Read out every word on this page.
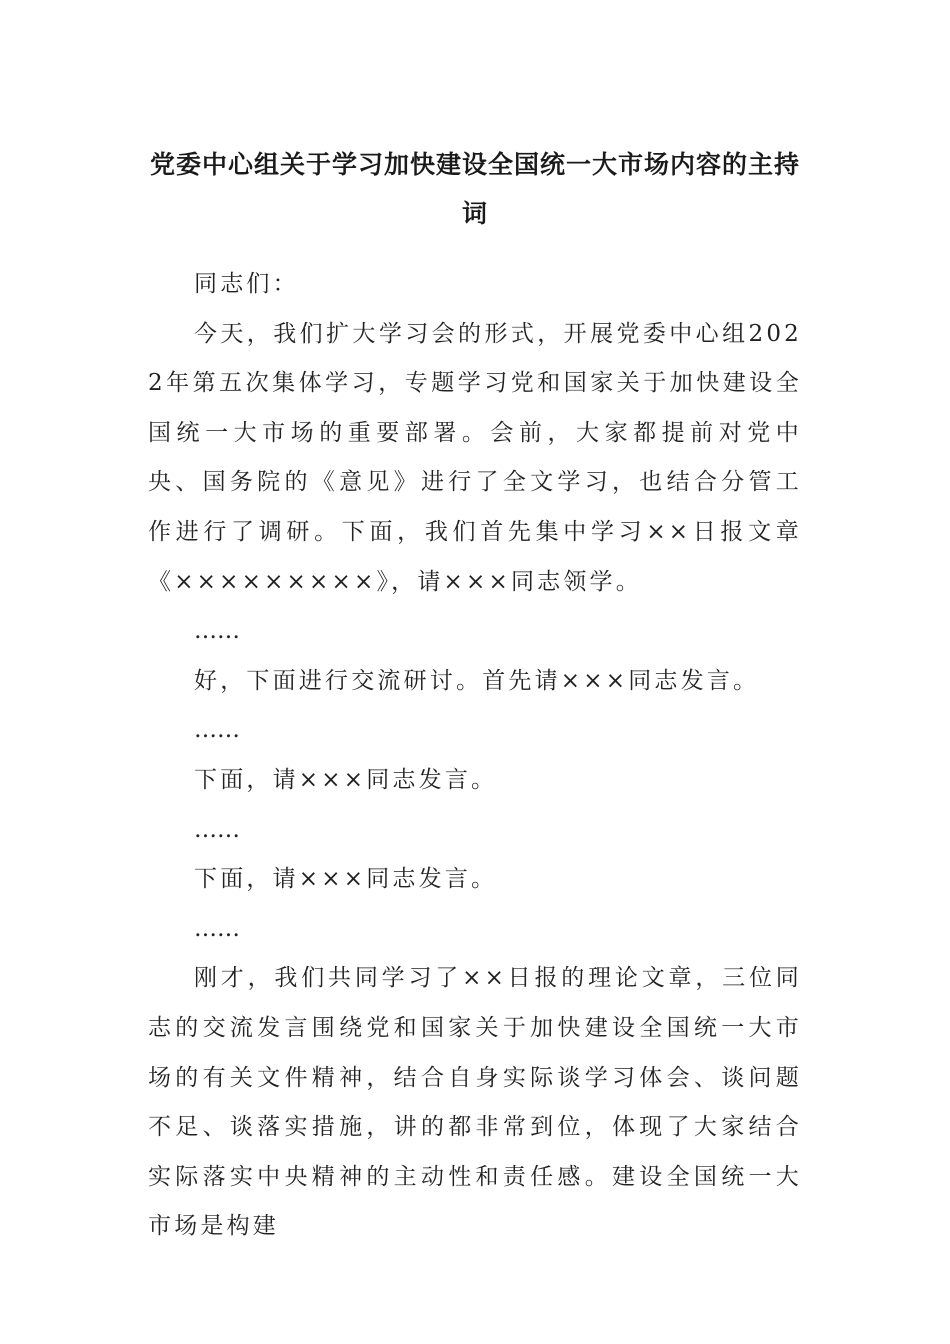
党委中心组关于学习加快建设全国统一大市场内容的主持词

同志们：

今天，我们扩大学习会的形式，开展党委中心组2022年第五次集体学习，专题学习党和国家关于加快建设全国统一大市场的重要部署。会前，大家都提前对党中央、国务院的《意见》进行了全文学习，也结合分管工作进行了调研。下面，我们首先集中学习××日报文章《×××××××××》，请×××同志领学。

……

好，下面进行交流研讨。首先请×××同志发言。

……

下面，请×××同志发言。

……

下面，请×××同志发言。

……

刚才，我们共同学习了××日报的理论文章，三位同志的交流发言围绕党和国家关于加快建设全国统一大市场的有关文件精神，结合自身实际谈学习体会、谈问题不足、谈落实措施，讲的都非常到位，体现了大家结合实际落实中央精神的主动性和责任感。建设全国统一大市场是构建
